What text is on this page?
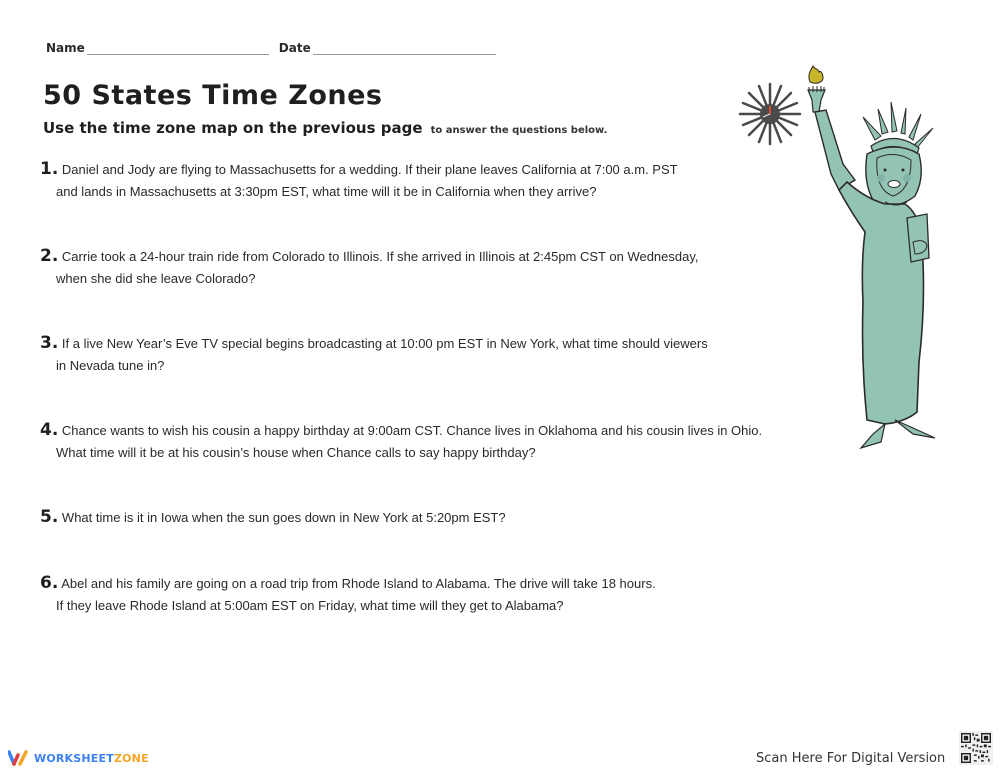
Name	Date
50 States Time Zones
Use the time zone map on the previous page to answer the questions below.
1. Daniel and Jody are flying to Massachusetts for a wedding. If their plane leaves California at 7:00 a.m. PST
and lands in Massachusetts at 3:30pm EST, what time will it be in California when they arrive?
2. Carrie took a 24-hour train ride from Colorado to Illinois. If she arrived in Illinois at 2:45pm CST on Wednesday,
when she did she leave Colorado?
3. If a live New Year’s Eve TV special begins broadcasting at 10:00 pm EST in New York, what time should viewers
in Nevada tune in?
4. Chance wants to wish his cousin a happy birthday at 9:00am CST. Chance lives in Oklahoma and his cousin lives in Ohio.
What time will it be at his cousin’s house when Chance calls to say happy birthday?
5. What time is it in Iowa when the sun goes down in New York at 5:20pm EST?
6. Abel and his family are going on a road trip from Rhode Island to Alabama. The drive will take 18 hours.
If they leave Rhode Island at 5:00am EST on Friday, what time will they get to Alabama?
WORKSHEETZONE	Scan Here For Digital Version
